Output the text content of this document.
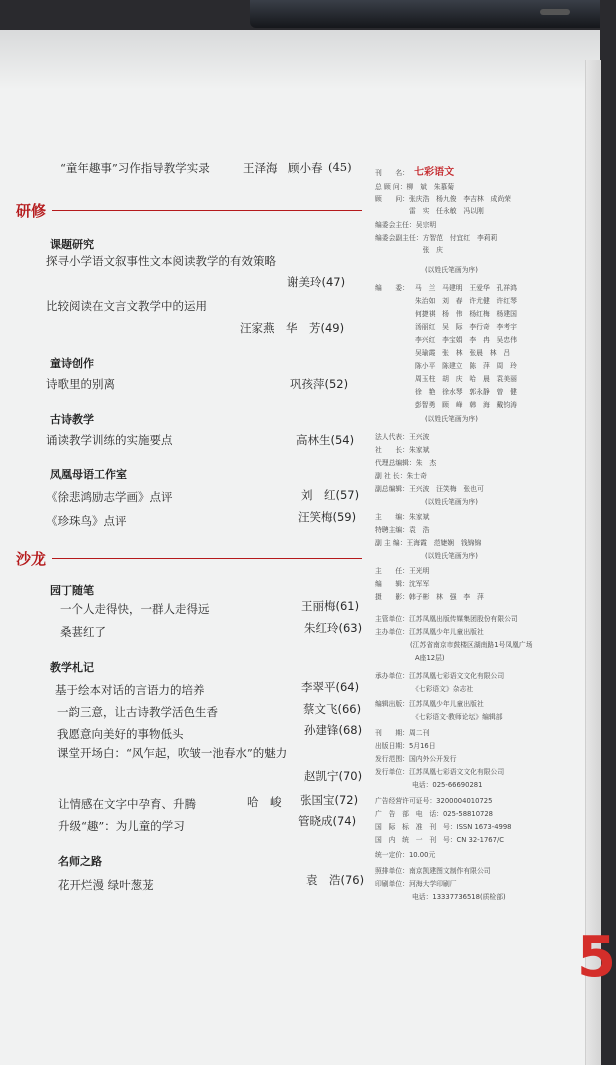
“童年趣事”习作指导教学实录	王泽海 顾小春 (45)
研修
课题研究
探寻小学语文叙事性文本阅读教学的有效策略
谢美玲(47)
比较阅读在文言文教学中的运用
汪家燕　华　芳(49)
童诗创作
诗歌里的别离	巩孩萍(52)
古诗教学
诵读教学训练的实施要点	高林生(54)
凤凰母语工作室
《徐悲鸿励志学画》点评	刘　红(57)
《珍珠鸟》点评	汪笑梅(59)
沙龙
园丁随笔
一个人走得快，一群人走得远	王丽梅(61)
桑葚红了	朱红玲(63)
教学札记
基于绘本对话的言语力的培养	李翠平(64)
一韵三意，让古诗教学活色生香	蔡文飞(66)
我愿意向美好的事物低头	孙建锋(68)
课堂开场白：“风乍起，吹皱一池春水”的魅力
赵凯宁(70)
让情感在文字中孕育、升腾	哈　峻 张国宝(72)
升级“趣”：为儿童的学习	管晓成(74)
名师之路
花开烂漫 绿叶葱茏	袁　浩(76)
刊　　名： 七彩语文
总 顾 问：柳　斌　朱慕菊
顾　　问：张庆浩　杨九俊　李吉林　成尚荣
　　　　　雷　实　任永敏　冯以刚
编委会主任：吴宗明
编委会副主任：方智范　付宜红　李莉莉
　　　　　　　张　庆
(以姓氏笔画为序)
编　　委： 马　兰　马建明　王爱华　孔祥鸿
朱治如　刘　春　许尤健　许红琴
何捷祺　杨　伟　杨红梅　杨建国
汤丽红　吴　际　李行奇　李考宇
李兴红　李宝娟　李　冉　吴忠伟
吴瑜霞　张　林　张晨　林　吕
陈小平　陈建立　陈　萍　周　玲
周玉柱　胡　庆　哈　晨　袁美丽
徐　艳　徐水琴　郭永静　曾　健
彭智勇　顾　峰　韩　海　戴钧涛
(以姓氏笔画为序)
法人代表：王兴波
社　　长：朱家斌
代理总编辑：朱　杰
副 社 长：朱士奇
副总编辑：王兴波　汪笑梅　张也可
(以姓氏笔画为序)
主　　编：朱家斌
特聘主编：袁　浩
副 主 编：王海霞　范婕娴　钱锦锦
(以姓氏笔画为序)
主　　任：王光明
编　　辑：沈军军
摄　　影：韩子彬　林　强　李　萍
主管单位：江苏凤凰出版传媒集团股份有限公司
主办单位：江苏凤凰少年儿童出版社
(江苏省南京市鼓楼区湖南路1号凤凰广场
A座12层)
承办单位：江苏凤凰七彩语文文化有限公司
《七彩语文》杂志社
编辑出版：江苏凤凰少年儿童出版社
《七彩语文·教师论坛》编辑部
刊　　期：周二刊
出版日期：5月16日
发行范围：国内外公开发行
发行单位：江苏凤凰七彩语文文化有限公司
电话：025-66690281
广告经营许可证号：3200004010725
广　告　部　电　话：025-58810728
国　际　标　准　刊　号：ISSN 1673-4998
国　内　统　一　刊　号：CN 32-1767/C
统一定价：10.00元
照排单位：南京凯建图文制作有限公司
印刷单位：河海大学印刷厂
电话：13337736518(质检部)
5
